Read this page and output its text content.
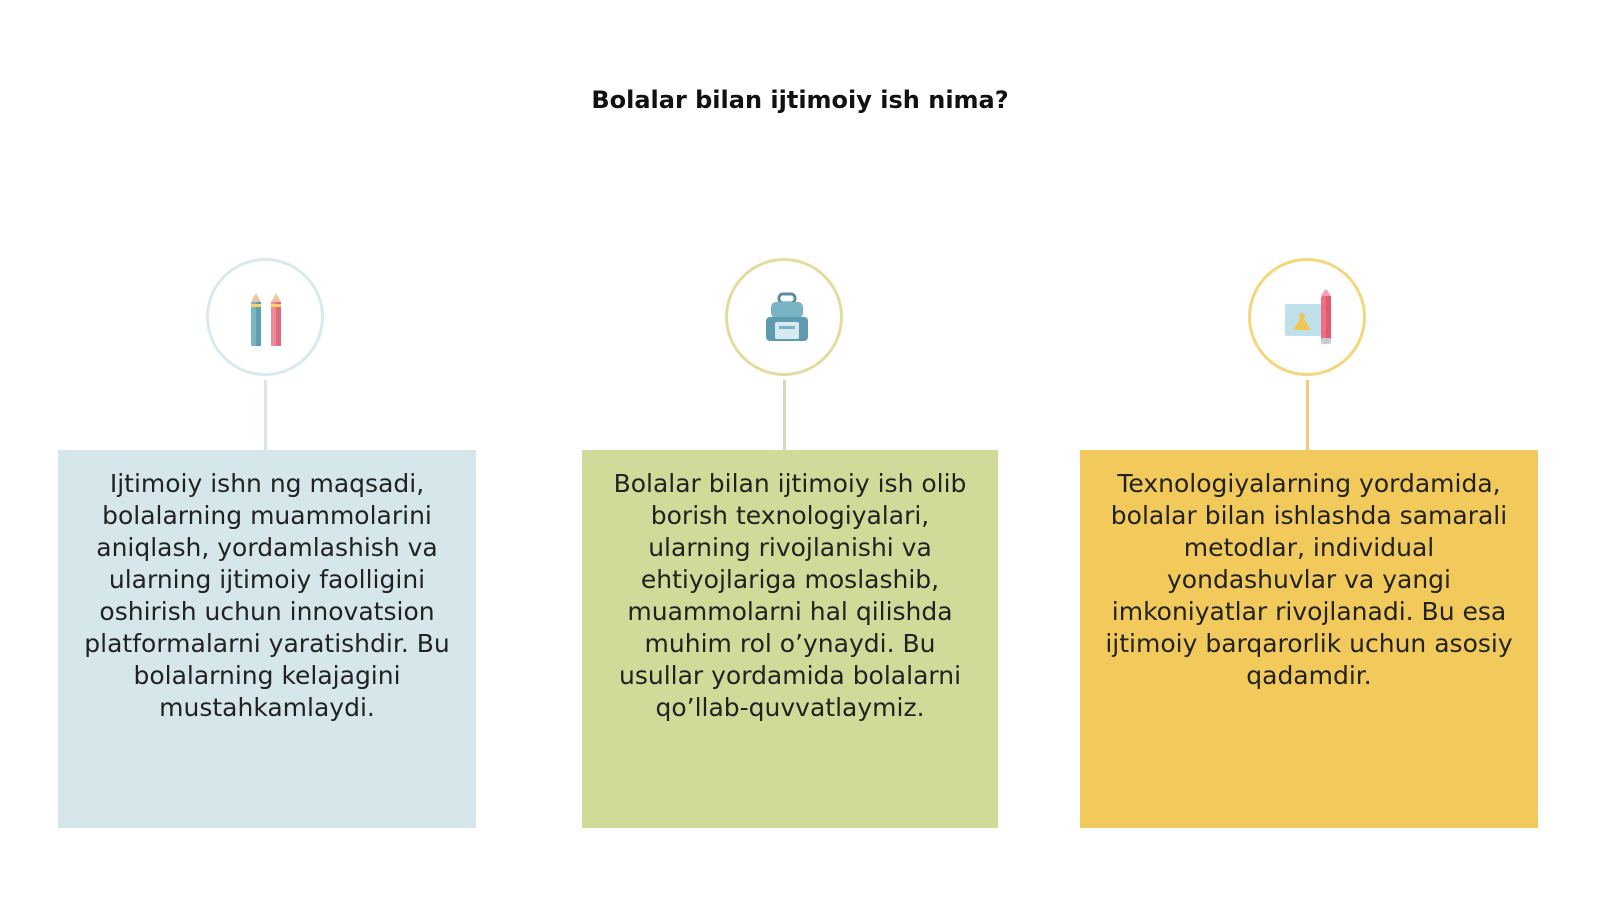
Bolalar bilan ijtimoiy ish nima?

Ijtimoiy ishn ng maqsadi, bolalarning muammolarini aniqlash, yordamlashish va ularning ijtimoiy faolligini oshirish uchun innovatsion platformalarni yaratishdir. Bu bolalarning kelajagini mustahkamlaydi.

Bolalar bilan ijtimoiy ish olib borish texnologiyalari, ularning rivojlanishi va ehtiyojlariga moslashib, muammolarni hal qilishda muhim rol o’ynaydi. Bu usullar yordamida bolalarni qo’llab-quvvatlaymiz.

Texnologiyalarning yordamida, bolalar bilan ishlashda samarali metodlar, individual yondashuvlar va yangi imkoniyatlar rivojlanadi. Bu esa ijtimoiy barqarorlik uchun asosiy qadamdir.
